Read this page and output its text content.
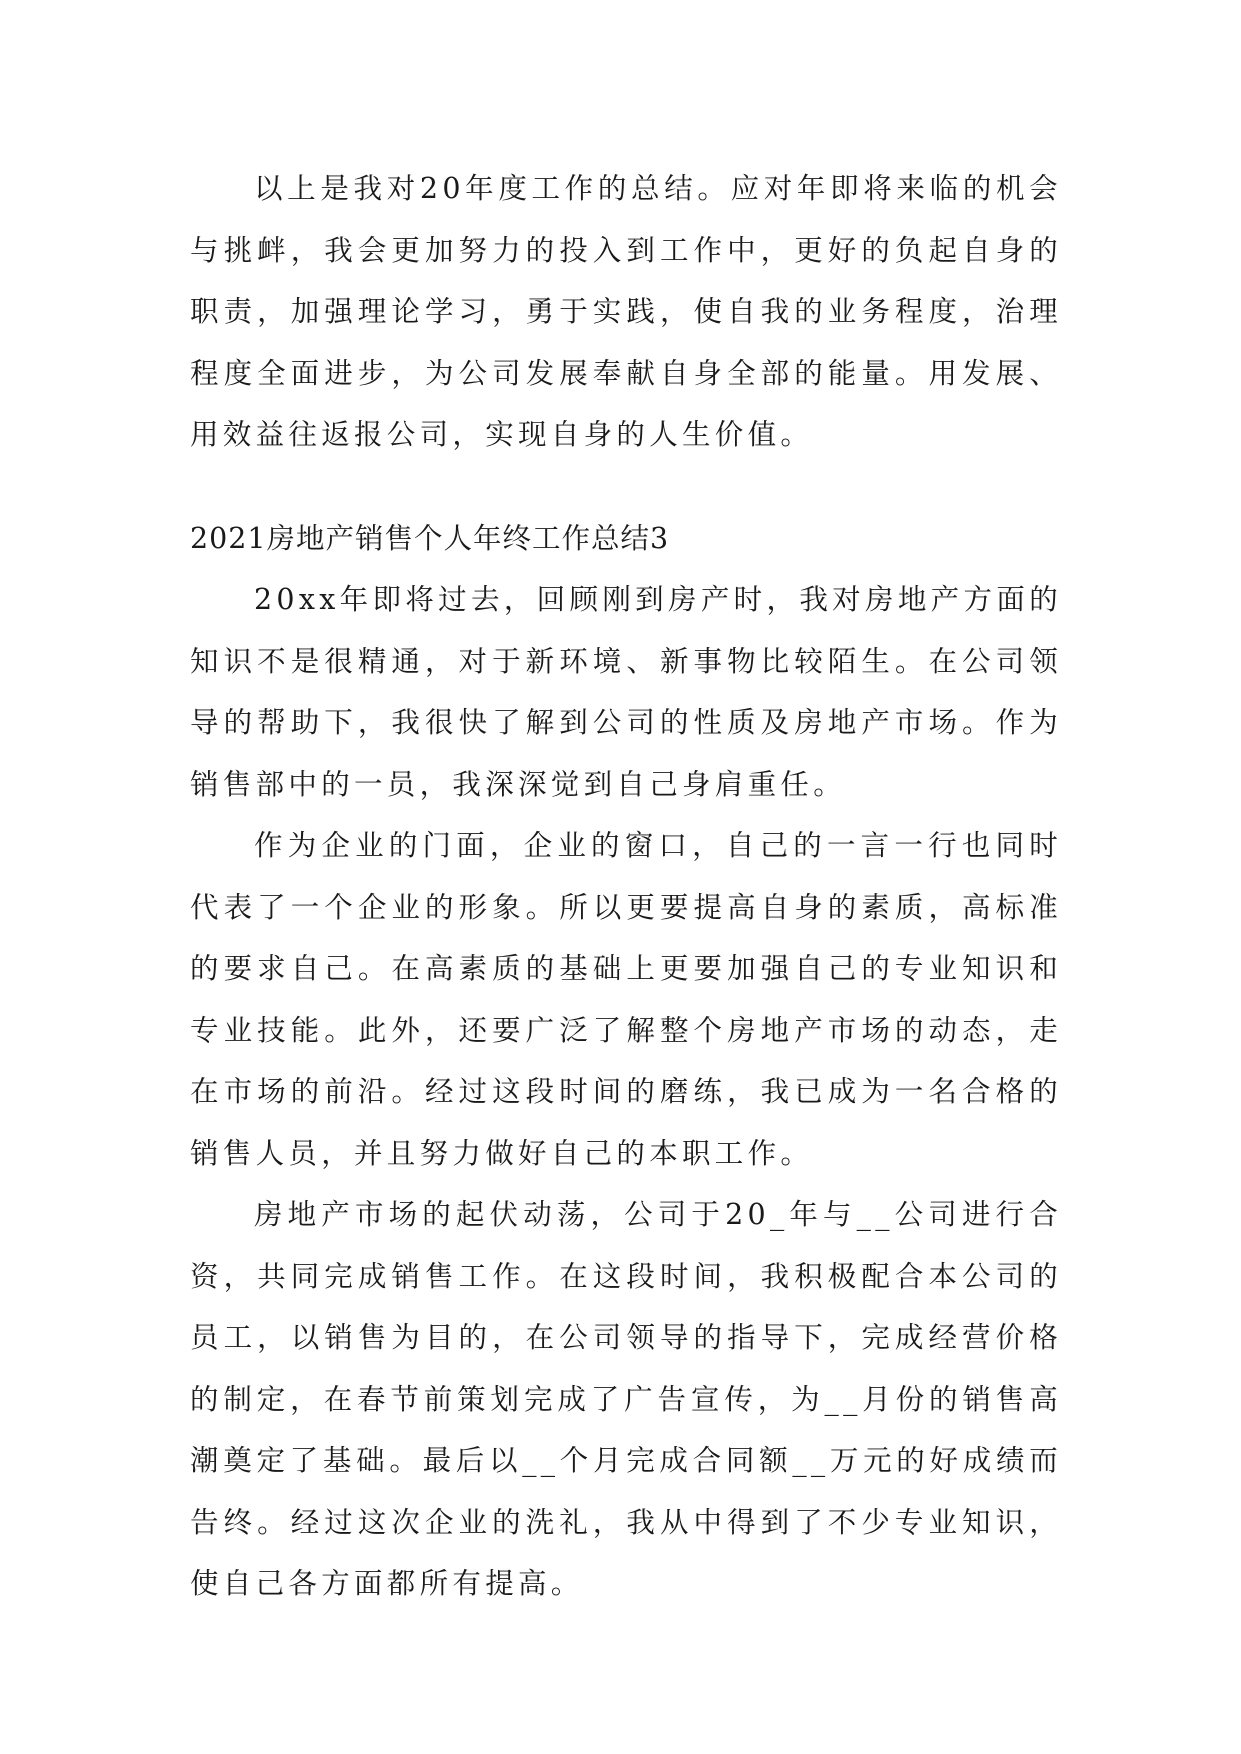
以上是我对20年度工作的总结。应对年即将来临的机会与挑衅，我会更加努力的投入到工作中，更好的负起自身的职责，加强理论学习，勇于实践，使自我的业务程度，治理程度全面进步，为公司发展奉献自身全部的能量。用发展、用效益往返报公司，实现自身的人生价值。

2021房地产销售个人年终工作总结3

20xx年即将过去，回顾刚到房产时，我对房地产方面的知识不是很精通，对于新环境、新事物比较陌生。在公司领导的帮助下，我很快了解到公司的性质及房地产市场。作为销售部中的一员，我深深觉到自己身肩重任。

作为企业的门面，企业的窗口，自己的一言一行也同时代表了一个企业的形象。所以更要提高自身的素质，高标准的要求自己。在高素质的基础上更要加强自己的专业知识和专业技能。此外，还要广泛了解整个房地产市场的动态，走在市场的前沿。经过这段时间的磨练，我已成为一名合格的销售人员，并且努力做好自己的本职工作。

房地产市场的起伏动荡，公司于20_年与__公司进行合资，共同完成销售工作。在这段时间，我积极配合本公司的员工，以销售为目的，在公司领导的指导下，完成经营价格的制定，在春节前策划完成了广告宣传，为__月份的销售高潮奠定了基础。最后以__个月完成合同额__万元的好成绩而告终。经过这次企业的洗礼，我从中得到了不少专业知识，使自己各方面都所有提高。
